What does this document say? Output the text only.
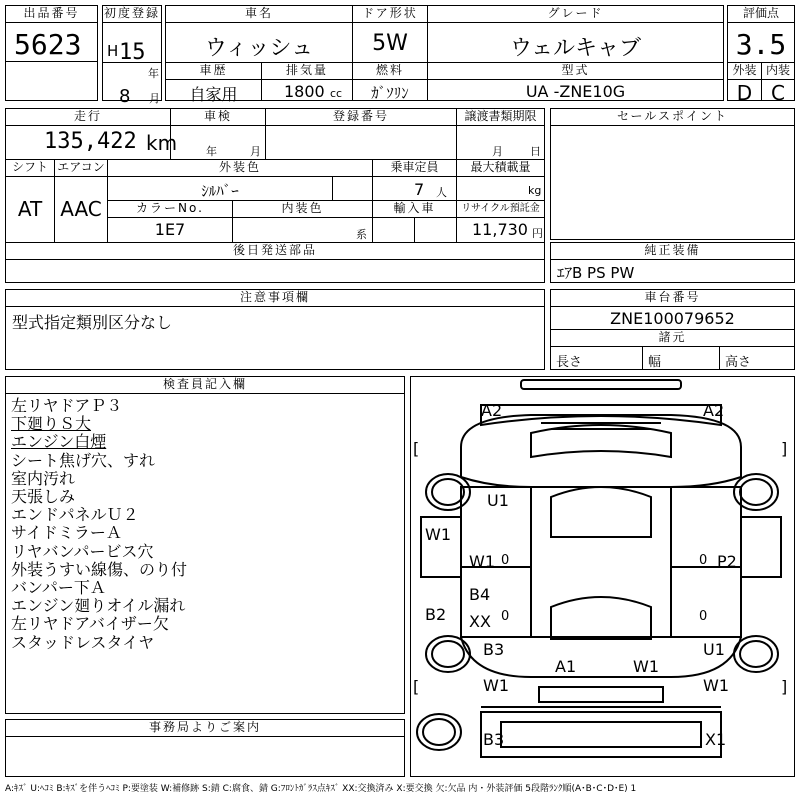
出品番号
5623
初度登録
H 15
年
8 月
車名
ウィッシュ
ドア形状
5W
グレード
ウェルキャブ
車歴
自家用
排気量
1800 cc
燃料
ｶﾞｿﾘﾝ
型式
UA -ZNE10G
評価点
3.5
外装 内装
D C
走行
135,422 km
車検
年	月
登録番号	譲渡書類期限
月 日
シフト
AT
エアコン
AAC
外装色
ｼﾙﾊﾞｰ
乗車定員
7 人
最大積載量
kg
カラーNo.
1E7
内装色
系
輸入車	リサイクル預託金
11,730 円
後日発送部品
セールスポイント
純正装備
ｴｱB PS PW
注意事項欄
型式指定類別区分なし
車台番号
ZNE100079652
諸元
長さ	幅	高さ
検査員記入欄
左リヤドアＰ３
下廻りＳ大
エンジン白煙
シート焦げ穴、すれ
室内汚れ
天張しみ
エンドパネルＵ２
サイドミラーＡ
リヤバンパービス穴
外装うすい線傷、のり付
バンパー下Ａ
エンジン廻りオイル漏れ
左リヤドアバイザー欠
スタッドレスタイヤ
事務局よりご案内
A2	A2
[	]
U1
W1
W1 0	0 P2
B4
XX 0	0
B2
B3	U1
A1	W1
W1	W1
[	]
B3	X1
A:ｷｽﾞ U:ﾍｺﾐ B:ｷｽﾞを伴うﾍｺﾐ P:要塗装 W:補修跡 S:錆 C:腐食、錆 G:ﾌﾛﾝﾄｶﾞﾗｽ点ｷｽﾞ XX:交換済み X:要交換 欠:欠品 内・外装評価 5段階ﾗﾝｸ順(A･B･C･D･E) 1
